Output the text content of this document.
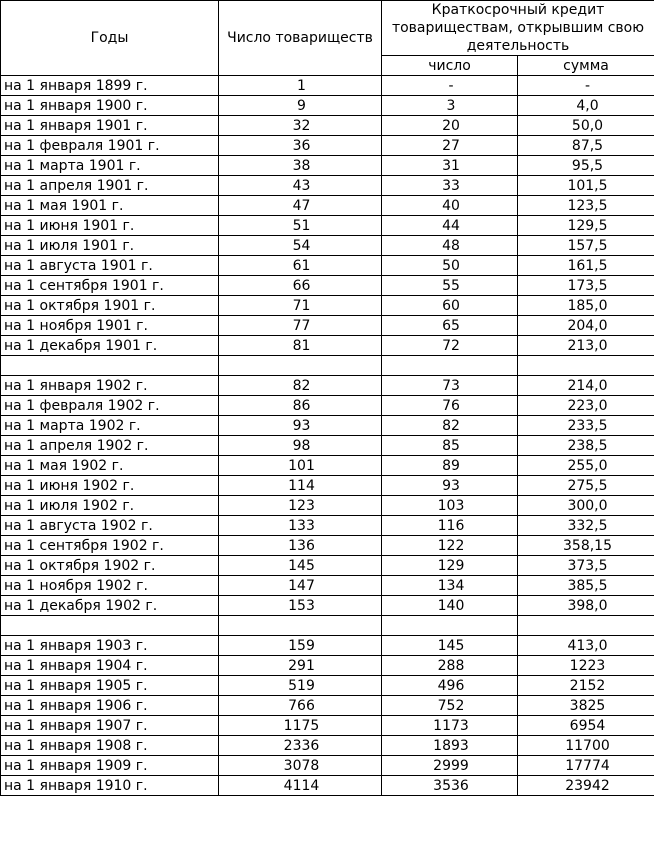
Годы	Число товариществ	Краткосрочный кредит товариществам, открывшим свою деятельность	
		число	сумма
на 1 января 1899 г.	1	-	-
на 1 января 1900 г.	9	3	4,0
на 1 января 1901 г.	32	20	50,0
на 1 февраля 1901 г.	36	27	87,5
на 1 марта 1901 г.	38	31	95,5
на 1 апреля 1901 г.	43	33	101,5
на 1 мая 1901 г.	47	40	123,5
на 1 июня 1901 г.	51	44	129,5
на 1 июля 1901 г.	54	48	157,5
на 1 августа 1901 г.	61	50	161,5
на 1 сентября 1901 г.	66	55	173,5
на 1 октября 1901 г.	71	60	185,0
на 1 ноября 1901 г.	77	65	204,0
на 1 декабря 1901 г.	81	72	213,0

на 1 января 1902 г.	82	73	214,0
на 1 февраля 1902 г.	86	76	223,0
на 1 марта 1902 г.	93	82	233,5
на 1 апреля 1902 г.	98	85	238,5
на 1 мая 1902 г.	101	89	255,0
на 1 июня 1902 г.	114	93	275,5
на 1 июля 1902 г.	123	103	300,0
на 1 августа 1902 г.	133	116	332,5
на 1 сентября 1902 г.	136	122	358,15
на 1 октября 1902 г.	145	129	373,5
на 1 ноября 1902 г.	147	134	385,5
на 1 декабря 1902 г.	153	140	398,0

на 1 января 1903 г.	159	145	413,0
на 1 января 1904 г.	291	288	1223
на 1 января 1905 г.	519	496	2152
на 1 января 1906 г.	766	752	3825
на 1 января 1907 г.	1175	1173	6954
на 1 января 1908 г.	2336	1893	11700
на 1 января 1909 г.	3078	2999	17774
на 1 января 1910 г.	4114	3536	23942
